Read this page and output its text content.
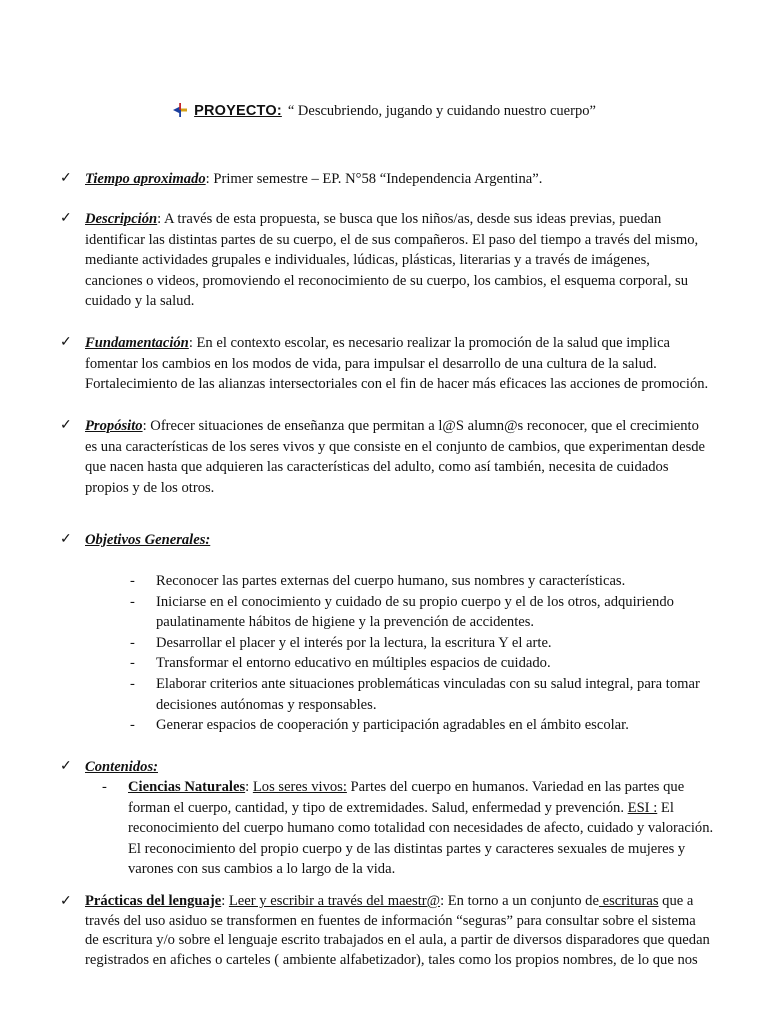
PROYECTO: “ Descubriendo, jugando y cuidando nuestro cuerpo”
✓ Tiempo aproximado: Primer semestre – EP. N°58 “Independencia Argentina”.
✓ Descripción: A través de esta propuesta, se busca que los niños/as, desde sus ideas previas, puedan
identificar las distintas partes de su cuerpo, el de sus compañeros. El paso del tiempo a través del mismo,
mediante actividades grupales e individuales, lúdicas, plásticas, literarias y a través de imágenes,
canciones o videos, promoviendo el reconocimiento de su cuerpo, los cambios, el esquema corporal, su
cuidado y la salud.
✓ Fundamentación: En el contexto escolar, es necesario realizar la promoción de la salud que implica
fomentar los cambios en los modos de vida, para impulsar el desarrollo de una cultura de la salud.
Fortalecimiento de las alianzas intersectoriales con el fin de hacer más eficaces las acciones de promoción.
✓ Propósito: Ofrecer situaciones de enseñanza que permitan a l@S alumn@s reconocer, que el crecimiento
es una características de los seres vivos y que consiste en el conjunto de cambios, que experimentan desde
que nacen hasta que adquieren las características del adulto, como así también, necesita de cuidados
propios y de los otros.
✓ Objetivos Generales:
- Reconocer las partes externas del cuerpo humano, sus nombres y características.
- Iniciarse en el conocimiento y cuidado de su propio cuerpo y el de los otros, adquiriendo
paulatinamente hábitos de higiene y la prevención de accidentes.
- Desarrollar el placer y el interés por la lectura, la escritura Y el arte.
- Transformar el entorno educativo en múltiples espacios de cuidado.
- Elaborar criterios ante situaciones problemáticas vinculadas con su salud integral, para tomar
decisiones autónomas y responsables.
- Generar espacios de cooperación y participación agradables en el ámbito escolar.
✓ Contenidos:
- Ciencias Naturales: Los seres vivos: Partes del cuerpo en humanos. Variedad en las partes que
forman el cuerpo, cantidad, y tipo de extremidades. Salud, enfermedad y prevención. ESI : El
reconocimiento del cuerpo humano como totalidad con necesidades de afecto, cuidado y valoración.
El reconocimiento del propio cuerpo y de las distintas partes y caracteres sexuales de mujeres y
varones con sus cambios a lo largo de la vida.
✓ Prácticas del lenguaje: Leer y escribir a través del maestr@: En torno a un conjunto de escrituras que a
través del uso asiduo se transformen en fuentes de información “seguras” para consultar sobre el sistema
de escritura y/o sobre el lenguaje escrito trabajados en el aula, a partir de diversos disparadores que quedan
registrados en afiches o carteles ( ambiente alfabetizador), tales como los propios nombres, de lo que nos
